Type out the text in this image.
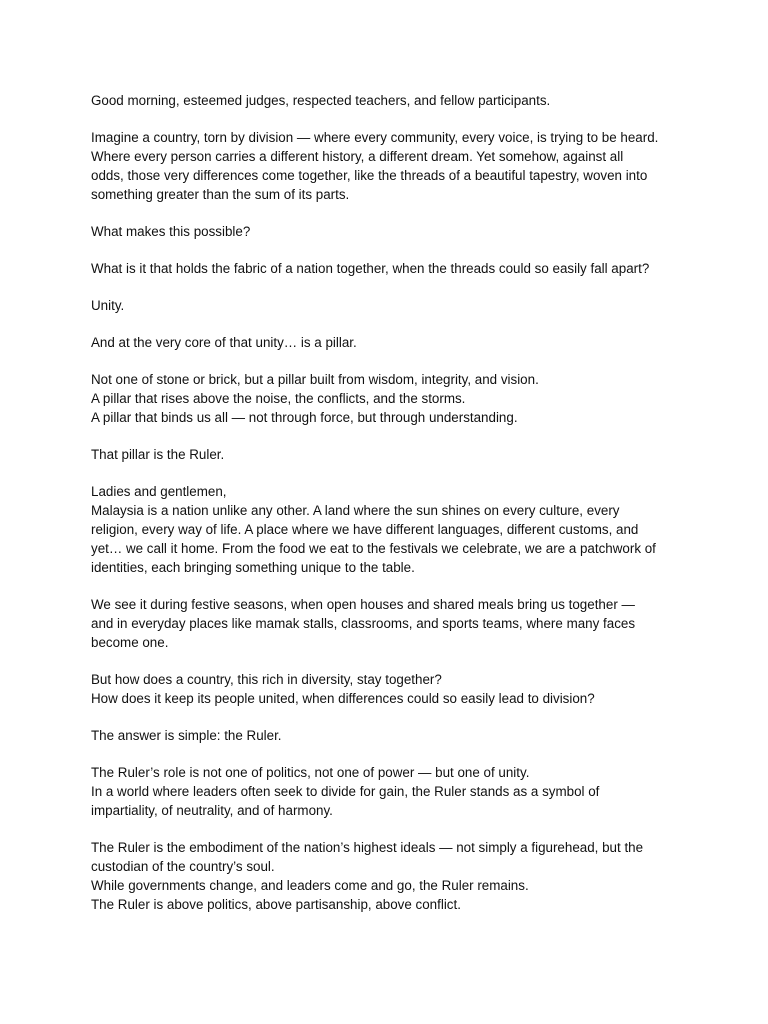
Good morning, esteemed judges, respected teachers, and fellow participants.
Imagine a country, torn by division — where every community, every voice, is trying to be heard.
Where every person carries a different history, a different dream. Yet somehow, against all
odds, those very differences come together, like the threads of a beautiful tapestry, woven into
something greater than the sum of its parts.
What makes this possible?
What is it that holds the fabric of a nation together, when the threads could so easily fall apart?
Unity.
And at the very core of that unity… is a pillar.
Not one of stone or brick, but a pillar built from wisdom, integrity, and vision.
A pillar that rises above the noise, the conflicts, and the storms.
A pillar that binds us all — not through force, but through understanding.
That pillar is the Ruler.
Ladies and gentlemen,
Malaysia is a nation unlike any other. A land where the sun shines on every culture, every
religion, every way of life. A place where we have different languages, different customs, and
yet… we call it home. From the food we eat to the festivals we celebrate, we are a patchwork of
identities, each bringing something unique to the table.
We see it during festive seasons, when open houses and shared meals bring us together —
and in everyday places like mamak stalls, classrooms, and sports teams, where many faces
become one.
But how does a country, this rich in diversity, stay together?
How does it keep its people united, when differences could so easily lead to division?
The answer is simple: the Ruler.
The Ruler’s role is not one of politics, not one of power — but one of unity.
In a world where leaders often seek to divide for gain, the Ruler stands as a symbol of
impartiality, of neutrality, and of harmony.
The Ruler is the embodiment of the nation’s highest ideals — not simply a figurehead, but the
custodian of the country’s soul.
While governments change, and leaders come and go, the Ruler remains.
The Ruler is above politics, above partisanship, above conflict.
